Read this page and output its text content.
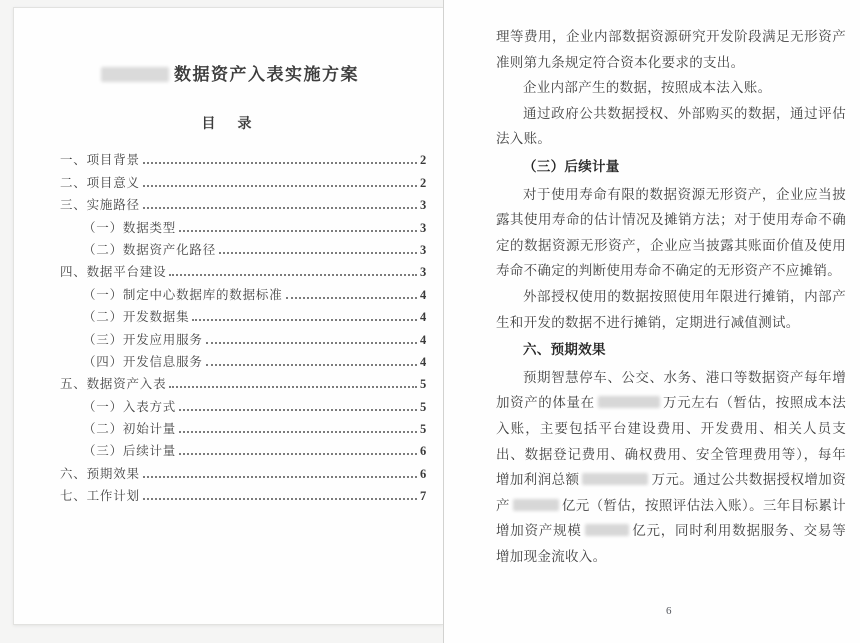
数据资产入表实施方案
目　录
一、项目背景	2
二、项目意义	2
三、实施路径	3
（一）数据类型	3
（二）数据资产化路径	3
四、数据平台建设	3
（一）制定中心数据库的数据标准	4
（二）开发数据集	4
（三）开发应用服务	4
（四）开发信息服务	4
五、数据资产入表	5
（一）入表方式	5
（二）初始计量	5
（三）后续计量	6
六、预期效果	6
七、工作计划	7
理等费用，企业内部数据资源研究开发阶段满足无形资产准则第九条规定符合资本化要求的支出。
企业内部产生的数据，按照成本法入账。
通过政府公共数据授权、外部购买的数据，通过评估法入账。
（三）后续计量
对于使用寿命有限的数据资源无形资产，企业应当披露其使用寿命的估计情况及摊销方法；对于使用寿命不确定的数据资源无形资产，企业应当披露其账面价值及使用寿命不确定的判断使用寿命不确定的无形资产不应摊销。
外部授权使用的数据按照使用年限进行摊销，内部产生和开发的数据不进行摊销，定期进行减值测试。
六、预期效果
预期智慧停车、公交、水务、港口等数据资产每年增加资产的体量在	万元左右（暂估，按照成本法入账，主要包括平台建设费用、开发费用、相关人员支出、数据登记费用、确权费用、安全管理费用等），每年增加利润总额	万元。通过公共数据授权增加资产	亿元（暂估，按照评估法入账）。三年目标累计增加资产规模	亿元，同时利用数据服务、交易等增加现金流收入。
6
